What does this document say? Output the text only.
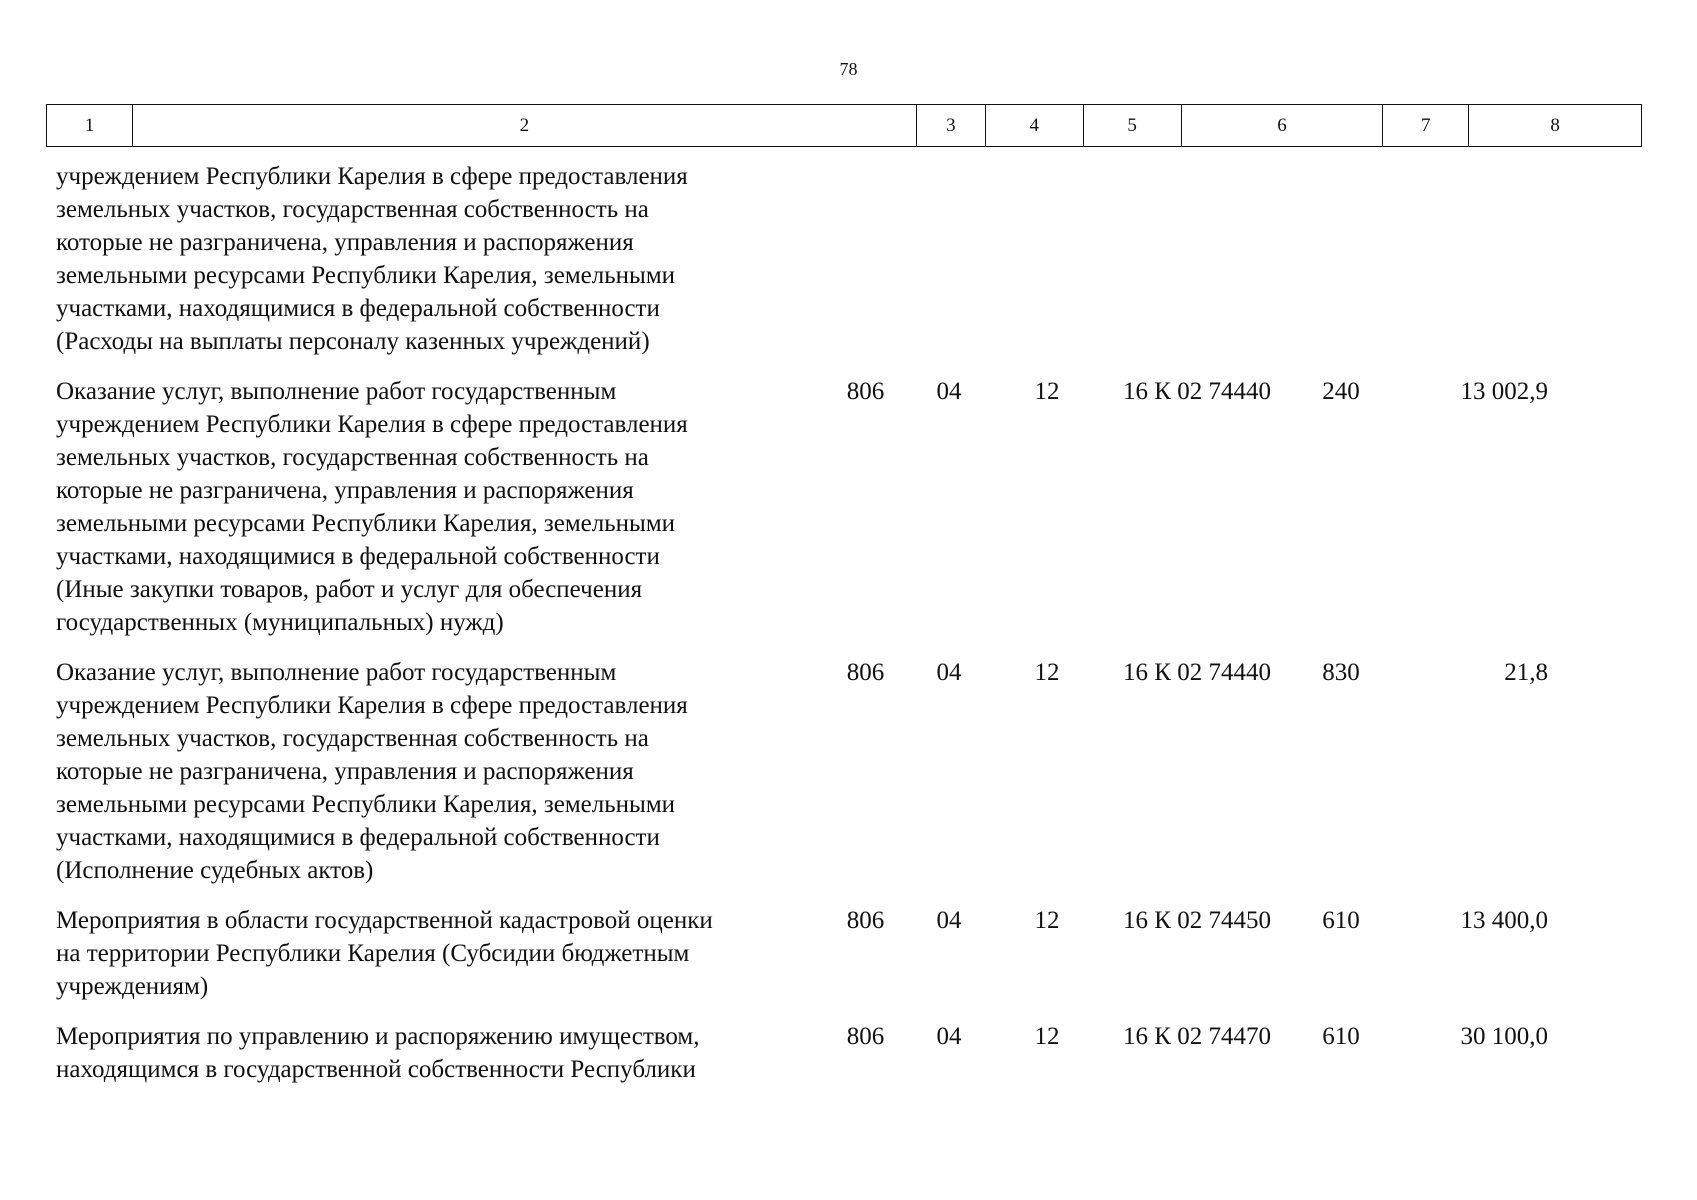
78
1	2	3	4	5	6	7	8
учреждением Республики Карелия в сфере предоставления
земельных участков, государственная собственность на
которые не разграничена, управления и распоряжения
земельными ресурсами Республики Карелия, земельными
участками, находящимися в федеральной собственности
(Расходы на выплаты персоналу казенных учреждений)
Оказание услуг, выполнение работ государственным
учреждением Республики Карелия в сфере предоставления
земельных участков, государственная собственность на
которые не разграничена, управления и распоряжения
земельными ресурсами Республики Карелия, земельными
участками, находящимися в федеральной собственности
(Иные закупки товаров, работ и услуг для обеспечения
государственных (муниципальных) нужд)
806	04	12	16 К 02 74440	240	13 002,9
Оказание услуг, выполнение работ государственным
учреждением Республики Карелия в сфере предоставления
земельных участков, государственная собственность на
которые не разграничена, управления и распоряжения
земельными ресурсами Республики Карелия, земельными
участками, находящимися в федеральной собственности
(Исполнение судебных актов)
806	04	12	16 К 02 74440	830	21,8
Мероприятия в области государственной кадастровой оценки
на территории Республики Карелия (Субсидии бюджетным
учреждениям)
806	04	12	16 К 02 74450	610	13 400,0
Мероприятия по управлению и распоряжению имуществом,
находящимся в государственной собственности Республики
806	04	12	16 К 02 74470	610	30 100,0
